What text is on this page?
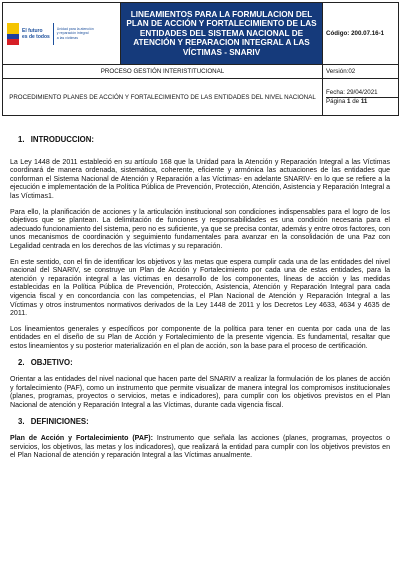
El futuro
es de todos
Unidad para la atención
y reparación integral
a las víctimas	LINEAMIENTOS PARA LA FORMULACION DEL PLAN DE ACCIÓN Y FORTALECIMIENTO DE LAS ENTIDADES DEL SISTEMA NACIONAL DE ATENCIÓN Y REPARACION INTEGRAL A LAS VÍCTIMAS - SNARIV	Código: 200.07.16-1
PROCESO GESTIÓN INTERISTITUCIONAL		Versión:02
PROCEDIMIENTO PLANES DE ACCIÓN Y FORTALECIMIENTO DE LAS ENTIDADES DEL NIVEL NACIONAL		Fecha: 29/04/2021
Página 1 de 11
1. INTRODUCCION:

La Ley 1448 de 2011 estableció en su artículo 168 que la Unidad para la Atención y Reparación Integral a las Víctimas coordinará de manera ordenada, sistemática, coherente, eficiente y armónica las actuaciones de las entidades que conforman el Sistema Nacional de Atención y Reparación a las Víctimas- en adelante SNARIV- en lo que se refiere a la ejecución e implementación de la Política Pública de Prevención, Protección, Atención, Asistencia y Reparación Integral a las Víctimas1.

Para ello, la planificación de acciones y la articulación institucional son condiciones indispensables para el logro de los objetivos que se plantean. La delimitación de funciones y responsabilidades es una condición necesaria para el adecuado funcionamiento del sistema, pero no es suficiente, ya que se precisa contar, además y entre otros factores, con unos mecanismos de coordinación y seguimiento fundamentales para avanzar en la consolidación de una Paz con Legalidad centrada en los derechos de las víctimas y su reparación.

En este sentido, con el fin de identificar los objetivos y las metas que espera cumplir cada una de las entidades del nivel nacional del SNARIV, se construye un Plan de Acción y Fortalecimiento por cada una de estas entidades, para la atención y reparación integral a las víctimas en desarrollo de los componentes, líneas de acción y las medidas establecidas en la Política Pública de Prevención, Protección, Asistencia, Atención y Reparación Integral para cada vigencia fiscal y en concordancia con las competencias, el Plan Nacional de Atención y Reparación Integral a las Víctimas y otros instrumentos normativos derivados de la Ley 1448 de 2011 y los Decretos Ley 4633, 4634 y 4635 de 2011.

Los lineamientos generales y específicos por componente de la política para tener en cuenta por cada una de las entidades en el diseño de su Plan de Acción y Fortalecimiento de la presente vigencia. Es fundamental, resaltar que estos lineamientos y su posterior materialización en el plan de acción, son la base para el proceso de certificación.

2. OBJETIVO:

Orientar a las entidades del nivel nacional que hacen parte del SNARIV a realizar la formulación de los planes de acción y fortalecimiento (PAF), como un instrumento que permite visualizar de manera integral los compromisos institucionales (planes, programas, proyectos o servicios, metas e indicadores), para cumplir con los objetivos previstos en el Plan Nacional de atención y Reparación Integral a las Víctimas, durante cada vigencia fiscal.

3. DEFINICIONES:

Plan de Acción y Fortalecimiento (PAF): Instrumento que señala las acciones (planes, programas, proyectos o servicios, los objetivos, las metas y los indicadores), que realizará la entidad para cumplir con los objetivos previstos en el Plan Nacional de atención y reparación Integral a las Víctimas anualmente.
